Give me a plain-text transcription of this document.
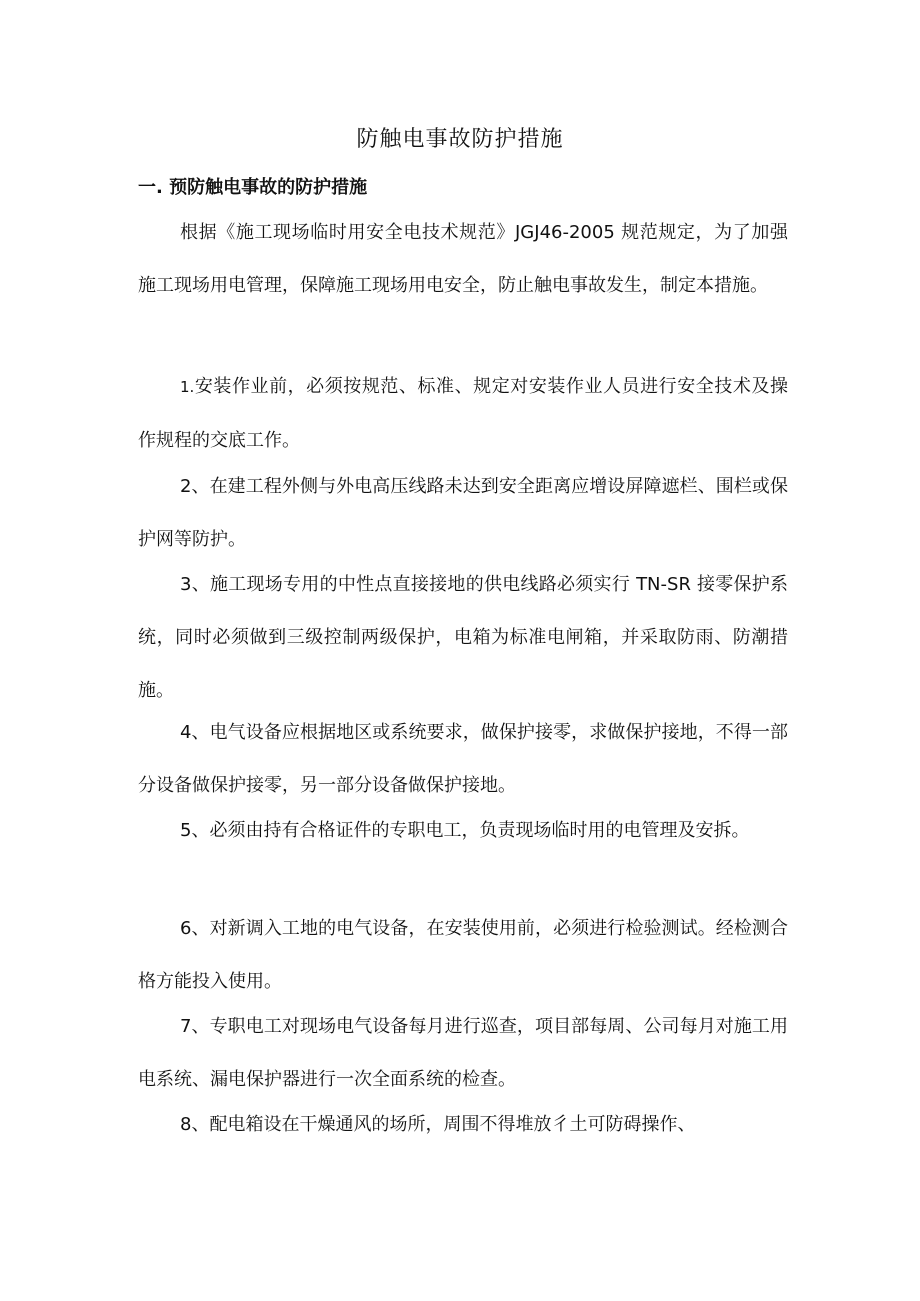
防触电事故防护措施
一. 预防触电事故的防护措施

根据《施工现场临时用安全电技术规范》JGJ46-2005 规范规定，为了加强施工现场用电管理，保障施工现场用电安全，防止触电事故发生，制定本措施。

1.安装作业前，必须按规范、标准、规定对安装作业人员进行安全技术及操作规程的交底工作。

2、在建工程外侧与外电高压线路未达到安全距离应增设屏障遮栏、围栏或保护网等防护。

3、施工现场专用的中性点直接接地的供电线路必须实行 TN-SR 接零保护系统，同时必须做到三级控制两级保护，电箱为标准电闸箱，并采取防雨、防潮措施。

4、电气设备应根据地区或系统要求，做保护接零，求做保护接地，不得一部分设备做保护接零，另一部分设备做保护接地。

5、必须由持有合格证件的专职电工，负责现场临时用的电管理及安拆。

6、对新调入工地的电气设备，在安装使用前，必须进行检验测试。经检测合格方能投入使用。

7、专职电工对现场电气设备每月进行巡查，项目部每周、公司每月对施工用电系统、漏电保护器进行一次全面系统的检查。

8、配电箱设在干燥通风的场所，周围不得堆放彳土可防碍操作、
